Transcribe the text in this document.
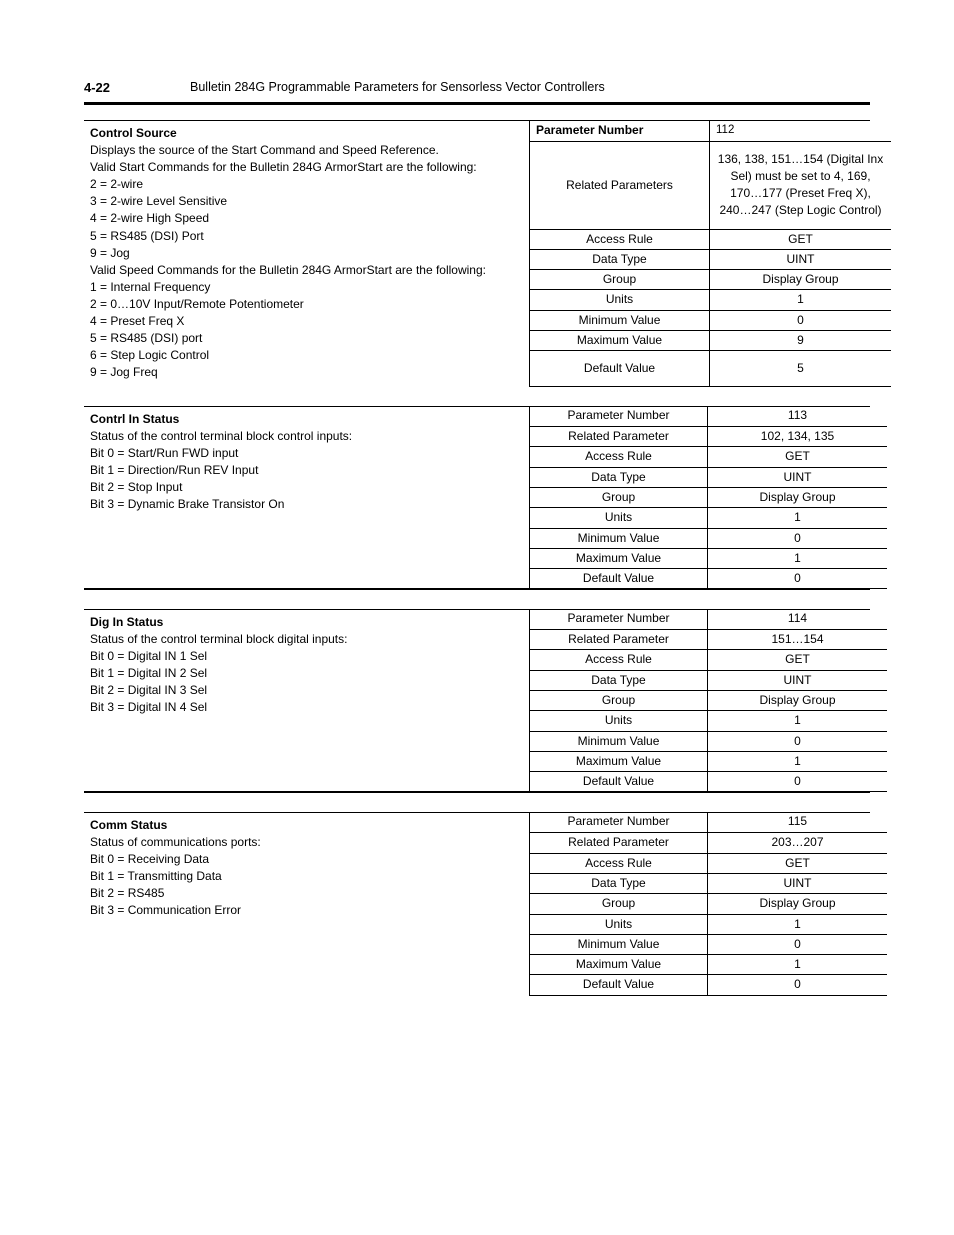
4-22	Bulletin 284G Programmable Parameters for Sensorless Vector Controllers
Control Source
Displays the source of the Start Command and Speed Reference.
Valid Start Commands for the Bulletin 284G ArmorStart are the following:
2 = 2-wire
3 = 2-wire Level Sensitive
4 = 2-wire High Speed
5 = RS485 (DSI) Port
9 = Jog
Valid Speed Commands for the Bulletin 284G ArmorStart are the following:
1 = Internal Frequency
2 = 0…10V Input/Remote Potentiometer
4 = Preset Freq X
5 = RS485 (DSI) port
6 = Step Logic Control
9 = Jog Freq
Parameter Number	112
Related Parameters	136, 138, 151…154 (Digital Inx Sel) must be set to 4, 169, 170…177 (Preset Freq X), 240…247 (Step Logic Control)
Access Rule	GET
Data Type	UINT
Group	Display Group
Units	1
Minimum Value	0
Maximum Value	9
Default Value	5
Contrl In Status
Status of the control terminal block control inputs:
Bit 0 = Start/Run FWD input
Bit 1 = Direction/Run REV Input
Bit 2 = Stop Input
Bit 3 = Dynamic Brake Transistor On
Parameter Number	113
Related Parameter	102, 134, 135
Access Rule	GET
Data Type	UINT
Group	Display Group
Units	1
Minimum Value	0
Maximum Value	1
Default Value	0
Dig In Status
Status of the control terminal block digital inputs:
Bit 0 = Digital IN 1 Sel
Bit 1 = Digital IN 2 Sel
Bit 2 = Digital IN 3 Sel
Bit 3 = Digital IN 4 Sel
Parameter Number	114
Related Parameter	151…154
Access Rule	GET
Data Type	UINT
Group	Display Group
Units	1
Minimum Value	0
Maximum Value	1
Default Value	0
Comm Status
Status of communications ports:
Bit 0 = Receiving Data
Bit 1 = Transmitting Data
Bit 2 = RS485
Bit 3 = Communication Error
Parameter Number	115
Related Parameter	203…207
Access Rule	GET
Data Type	UINT
Group	Display Group
Units	1
Minimum Value	0
Maximum Value	1
Default Value	0
